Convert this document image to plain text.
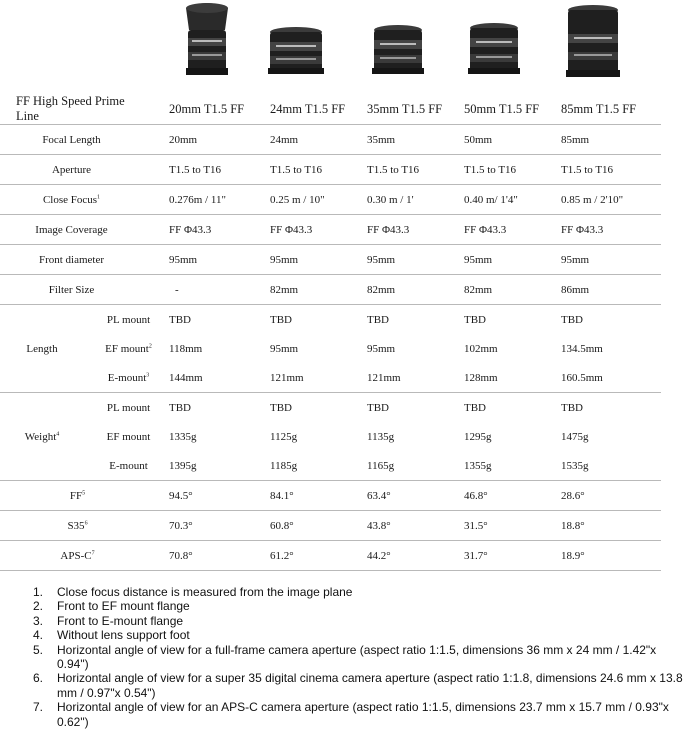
FF High Speed Prime Line		20mm T1.5 FF	24mm T1.5 FF	35mm T1.5 FF	50mm T1.5 FF	85mm T1.5 FF
Focal Length		20mm	24mm	35mm	50mm	85mm
Aperture		T1.5 to T16	T1.5 to T16	T1.5 to T16	T1.5 to T16	T1.5 to T16
Close Focus$^1$		0.276m / 11"	0.25 m / 10"	0.30 m / 1'	0.40 m/ 1'4"	0.85 m / 2'10"
Image Coverage		FF Φ43.3	FF Φ43.3	FF Φ43.3	FF Φ43.3	FF Φ43.3
Front diameter		95mm	95mm	95mm	95mm	95mm
Filter Size		-	82mm	82mm	82mm	86mm
Length	PL mount	TBD	TBD	TBD	TBD	TBD
	EF mount$^2$	118mm	95mm	95mm	102mm	134.5mm
	E-mount$^3$	144mm	121mm	121mm	128mm	160.5mm
Weight$^4$	PL mount	TBD	TBD	TBD	TBD	TBD
	EF mount	1335g	1125g	1135g	1295g	1475g
	E-mount	1395g	1185g	1165g	1355g	1535g
$FF^5$		94.5°	84.1°	63.4°	46.8°	28.6°
$S35^6$		70.3°	60.8°	43.8°	31.5°	18.8°
APS-$C^7$		70.8°	61.2°	44.2°	31.7°	18.9°
1. Close focus distance is measured from the image plane
2. Front to EF mount flange
3. Front to E-mount flange
4. Without lens support foot
5. Horizontal angle of view for a full-frame camera aperture (aspect ratio 1:1.5, dimensions 36 mm x 24 mm / 1.42"x 0.94")
6. Horizontal angle of view for a super 35 digital cinema camera aperture (aspect ratio 1:1.8, dimensions 24.6 mm x 13.8 mm / 0.97"x 0.54")
7. Horizontal angle of view for an APS-C camera aperture (aspect ratio 1:1.5, dimensions 23.7 mm x 15.7 mm / 0.93"x 0.62")
